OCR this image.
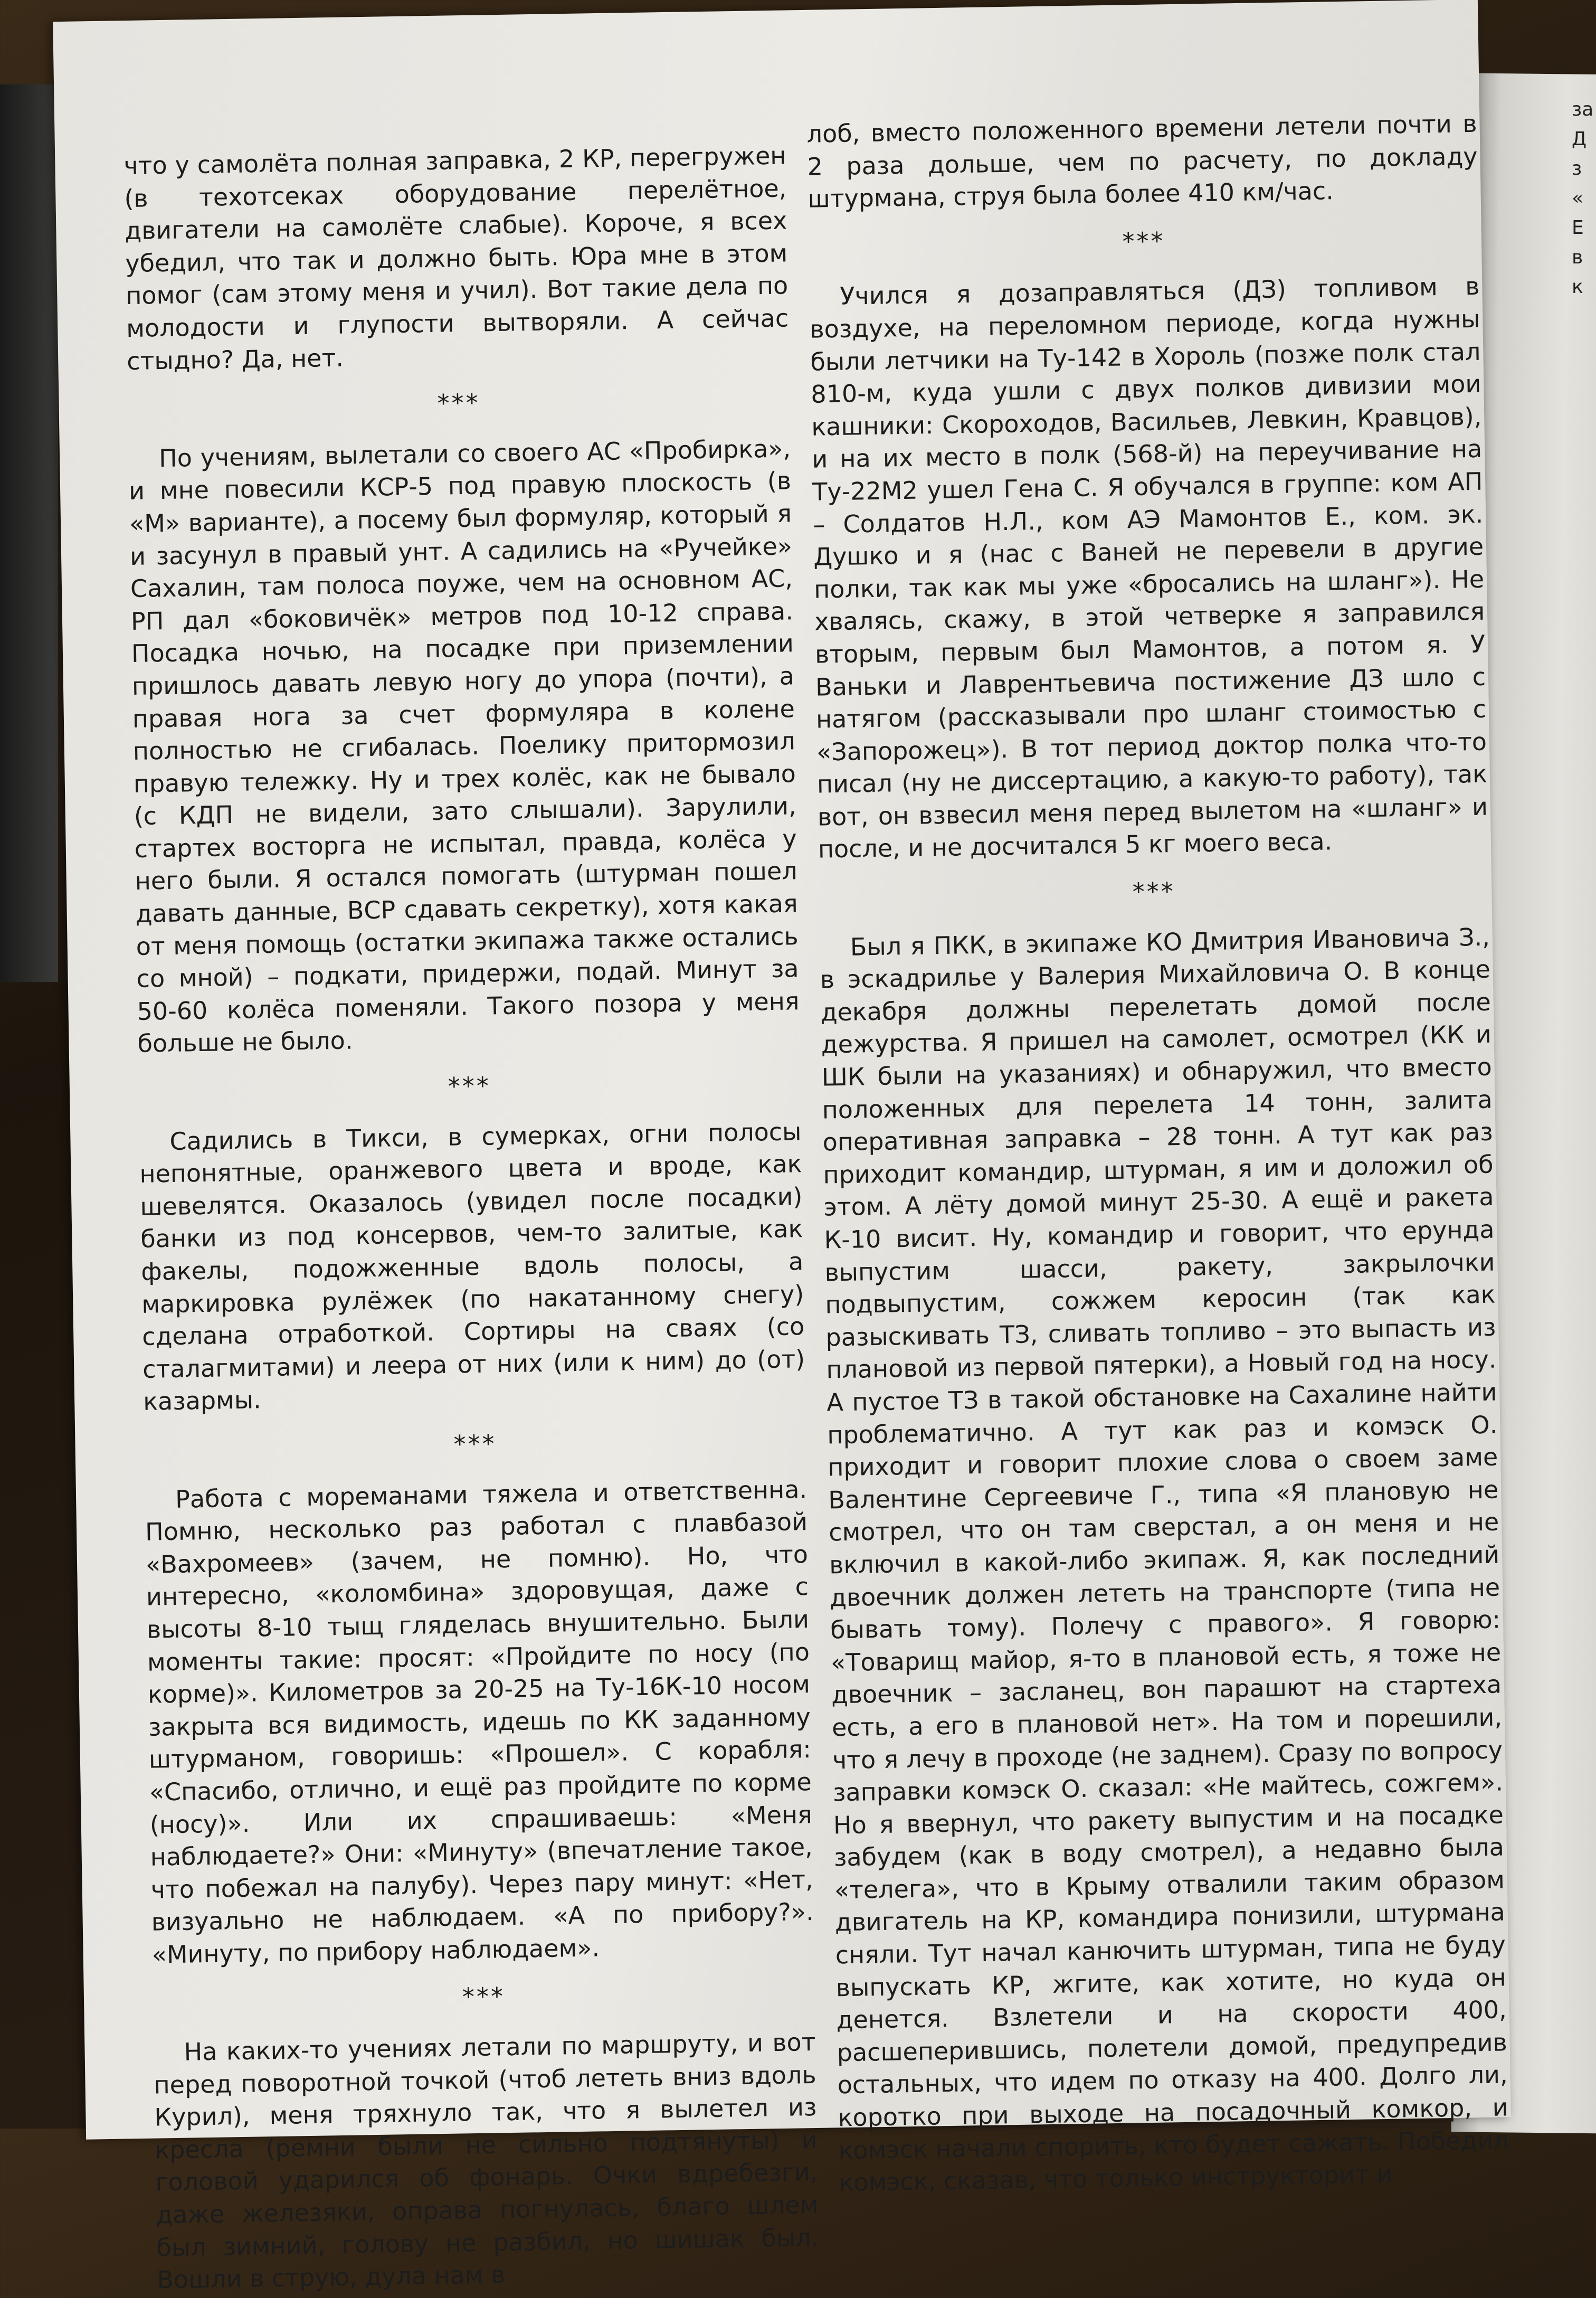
за
Д
з
«
Е
в
к

что у самолёта полная заправка, 2 КР, перегружен (в техотсеках оборудование перелётное, двигатели на самолёте слабые). Короче, я всех убедил, что так и должно быть. Юра мне в этом помог (сам этому меня и учил). Вот такие дела по молодости и глупости вытворяли. А сейчас стыдно? Да, нет.

***

По учениям, вылетали со своего АС «Пробирка», и мне повесили КСР-5 под правую плоскость (в «М» варианте), а посему был формуляр, который я и засунул в правый унт. А садились на «Ручейке» Сахалин, там полоса поуже, чем на основном АС, РП дал «боковичёк» метров под 10-12 справа. Посадка ночью, на посадке при приземлении пришлось давать левую ногу до упора (почти), а правая нога за счет формуляра в колене полностью не сгибалась. Поелику притормозил правую тележку. Ну и трех колёс, как не бывало (с КДП не видели, зато слышали). Зарулили, стартех восторга не испытал, правда, колёса у него были. Я остался помогать (штурман пошел давать данные, ВСР сдавать секретку), хотя какая от меня помощь (остатки экипажа также остались со мной) – подкати, придержи, подай. Минут за 50-60 колёса поменяли. Такого позора у меня больше не было.

***

Садились в Тикси, в сумерках, огни полосы непонятные, оранжевого цвета и вроде, как шевелятся. Оказалось (увидел после посадки) банки из под консервов, чем-то залитые, как факелы, подожженные вдоль полосы, а маркировка рулёжек (по накатанному снегу) сделана отработкой. Сортиры на сваях (со сталагмитами) и леера от них (или к ним) до (от) казармы.

***

Работа с мореманами тяжела и ответственна. Помню, несколько раз работал с плавбазой «Вахромеев» (зачем, не помню). Но, что интересно, «коломбина» здоровущая, даже с высоты 8-10 тыщ гляделась внушительно. Были моменты такие: просят: «Пройдите по носу (по корме)». Километров за 20-25 на Ту-16К-10 носом закрыта вся видимость, идешь по КК заданному штурманом, говоришь: «Прошел». С корабля: «Спасибо, отлично, и ещё раз пройдите по корме (носу)». Или их спрашиваешь: «Меня наблюдаете?» Они: «Минуту» (впечатление такое, что побежал на палубу). Через пару минут: «Нет, визуально не наблюдаем. «А по прибору?». «Минуту, по прибору наблюдаем».

***

На каких-то учениях летали по маршруту, и вот перед поворотной точкой (чтоб лететь вниз вдоль Курил), меня тряхнуло так, что я вылетел из кресла (ремни были не сильно подтянуты) и головой ударился об фонарь. Очки вдребезги, даже железяки, оправа погнулась, благо шлем был зимний, голову не разбил, но шишак был. Вошли в струю, дула нам в

лоб, вместо положенного времени летели почти в 2 раза дольше, чем по расчету, по докладу штурмана, струя была более 410 км/час.

***

Учился я дозаправляться (ДЗ) топливом в воздухе, на переломном периоде, когда нужны были летчики на Ту-142 в Хороль (позже полк стал 810-м, куда ушли с двух полков дивизии мои кашники: Скороходов, Васильев, Левкин, Кравцов), и на их место в полк (568-й) на переучивание на Ту-22М2 ушел Гена С. Я обучался в группе: ком АП – Солдатов Н.Л., ком АЭ Мамонтов Е., ком. эк. Душко и я (нас с Ваней не перевели в другие полки, так как мы уже «бросались на шланг»). Не хвалясь, скажу, в этой четверке я заправился вторым, первым был Мамонтов, а потом я. У Ваньки и Лаврентьевича постижение ДЗ шло с натягом (рассказывали про шланг стоимостью с «Запорожец»). В тот период доктор полка что-то писал (ну не диссертацию, а какую-то работу), так вот, он взвесил меня перед вылетом на «шланг» и после, и не досчитался 5 кг моего веса.

***

Был я ПКК, в экипаже КО Дмитрия Ивановича З., в эскадрильe у Валерия Михайловича О. В конце декабря должны перелетать домой после дежурства. Я пришел на самолет, осмотрел (КК и ШК были на указаниях) и обнаружил, что вместо положенных для перелета 14 тонн, залита оперативная заправка – 28 тонн. А тут как раз приходит командир, штурман, я им и доложил об этом. А лёту домой минут 25-30. А ещё и ракета К-10 висит. Ну, командир и говорит, что ерунда выпустим шасси, ракету, закрылочки подвыпустим, сожжем керосин (так как разыскивать ТЗ, сливать топливо – это выпасть из плановой из первой пятерки), а Новый год на носу. А пустое ТЗ в такой обстановке на Сахалине найти проблематично. А тут как раз и комэск О. приходит и говорит плохие слова о своем заме Валентине Сергеевиче Г., типа «Я плановую не смотрел, что он там сверстал, а он меня и не включил в какой-либо экипаж. Я, как последний двоечник должен лететь на транспорте (типа не бывать тому). Полечу с правого». Я говорю: «Товарищ майор, я-то в плановой есть, я тоже не двоечник – засланец, вон парашют на стартеха есть, а его в плановой нет». На том и порешили, что я лечу в проходе (не заднем). Сразу по вопросу заправки комэск О. сказал: «Не майтесь, сожгем». Но я ввернул, что ракету выпустим и на посадке забудем (как в воду смотрел), а недавно была «телега», что в Крыму отвалили таким образом двигатель на КР, командира понизили, штурмана сняли. Тут начал канючить штурман, типа не буду выпускать КР, жгите, как хотите, но куда он денется. Взлетели и на скорости 400, расшеперившись, полетели домой, предупредив остальных, что идем по отказу на 400. Долго ли, коротко при выходе на посадочный комкор, и комэск начали спорить, кто будет сажать. Победил комэск, сказав, что только инструкторит и
